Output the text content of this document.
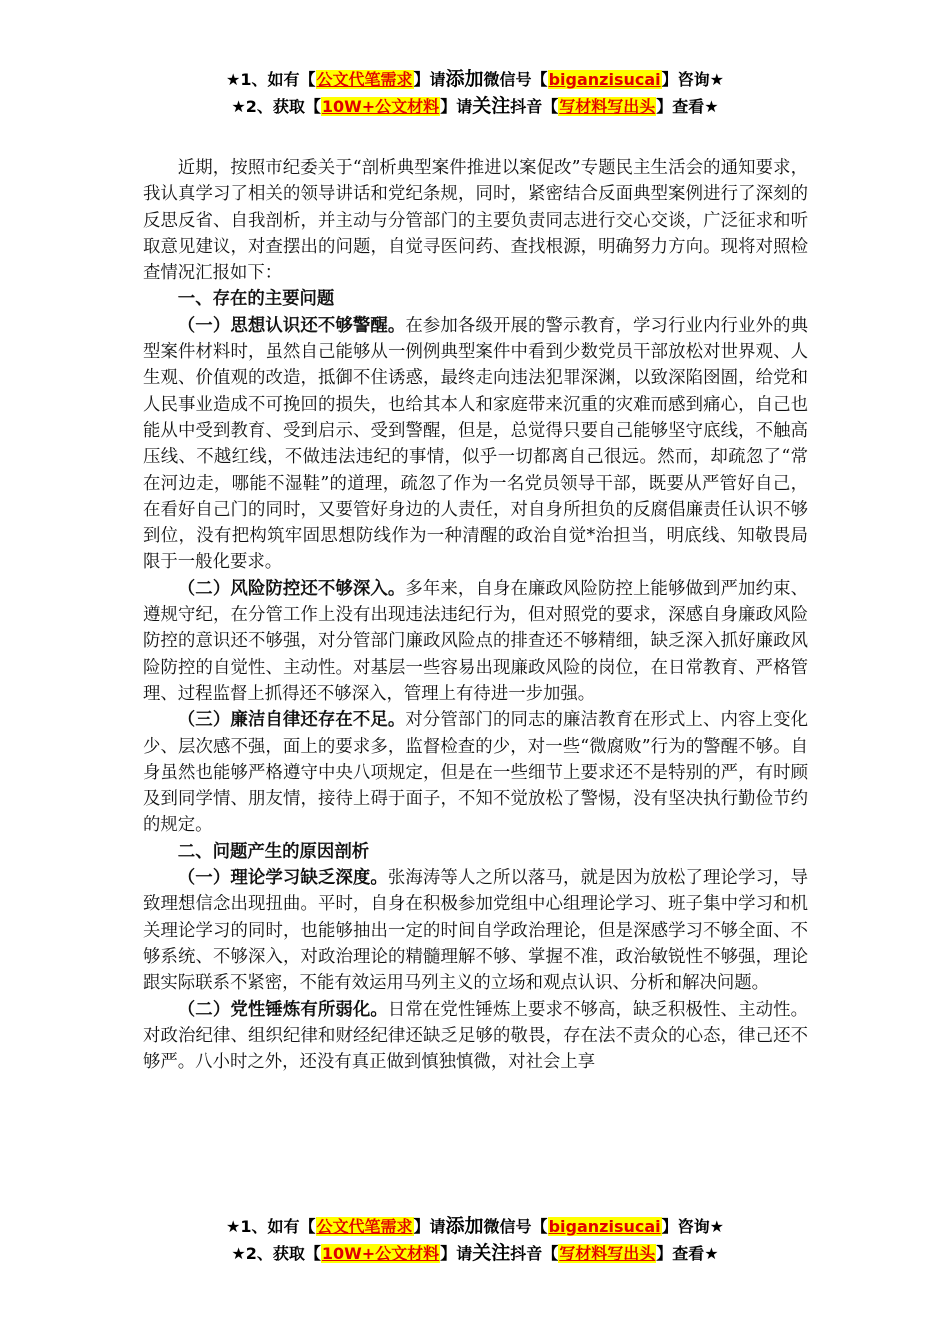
★1、如有【公文代笔需求】请添加微信号【biganzisucai】咨询★
★2、获取【10W+公文材料】请关注抖音【写材料写出头】查看★

近期，按照市纪委关于“剖析典型案件推进以案促改”专题民主生活会的通知要求，我认真学习了相关的领导讲话和党纪条规，同时，紧密结合反面典型案例进行了深刻的反思反省、自我剖析，并主动与分管部门的主要负责同志进行交心交谈，广泛征求和听取意见建议，对查摆出的问题，自觉寻医问药、查找根源，明确努力方向。现将对照检查情况汇报如下：

一、存在的主要问题

（一）思想认识还不够警醒。在参加各级开展的警示教育，学习行业内行业外的典型案件材料时，虽然自己能够从一例例典型案件中看到少数党员干部放松对世界观、人生观、价值观的改造，抵御不住诱惑，最终走向违法犯罪深渊，以致深陷囹圄，给党和人民事业造成不可挽回的损失，也给其本人和家庭带来沉重的灾难而感到痛心，自己也能从中受到教育、受到启示、受到警醒，但是，总觉得只要自己能够坚守底线，不触高压线、不越红线，不做违法违纪的事情，似乎一切都离自己很远。然而，却疏忽了“常在河边走，哪能不湿鞋”的道理，疏忽了作为一名党员领导干部，既要从严管好自己，在看好自己门的同时，又要管好身边的人责任，对自身所担负的反腐倡廉责任认识不够到位，没有把构筑牢固思想防线作为一种清醒的政治自觉*治担当，明底线、知敬畏局限于一般化要求。

（二）风险防控还不够深入。多年来，自身在廉政风险防控上能够做到严加约束、遵规守纪，在分管工作上没有出现违法违纪行为，但对照党的要求，深感自身廉政风险防控的意识还不够强，对分管部门廉政风险点的排查还不够精细，缺乏深入抓好廉政风险防控的自觉性、主动性。对基层一些容易出现廉政风险的岗位，在日常教育、严格管理、过程监督上抓得还不够深入，管理上有待进一步加强。

（三）廉洁自律还存在不足。对分管部门的同志的廉洁教育在形式上、内容上变化少、层次感不强，面上的要求多，监督检查的少，对一些“微腐败”行为的警醒不够。自身虽然也能够严格遵守中央八项规定，但是在一些细节上要求还不是特别的严，有时顾及到同学情、朋友情，接待上碍于面子，不知不觉放松了警惕，没有坚决执行勤俭节约的规定。

二、问题产生的原因剖析

（一）理论学习缺乏深度。张海涛等人之所以落马，就是因为放松了理论学习，导致理想信念出现扭曲。平时，自身在积极参加党组中心组理论学习、班子集中学习和机关理论学习的同时，也能够抽出一定的时间自学政治理论，但是深感学习不够全面、不够系统、不够深入，对政治理论的精髓理解不够、掌握不准，政治敏锐性不够强，理论跟实际联系不紧密，不能有效运用马列主义的立场和观点认识、分析和解决问题。

（二）党性锤炼有所弱化。日常在党性锤炼上要求不够高，缺乏积极性、主动性。对政治纪律、组织纪律和财经纪律还缺乏足够的敬畏，存在法不责众的心态，律己还不够严。八小时之外，还没有真正做到慎独慎微，对社会上享

★1、如有【公文代笔需求】请添加微信号【biganzisucai】咨询★
★2、获取【10W+公文材料】请关注抖音【写材料写出头】查看★
